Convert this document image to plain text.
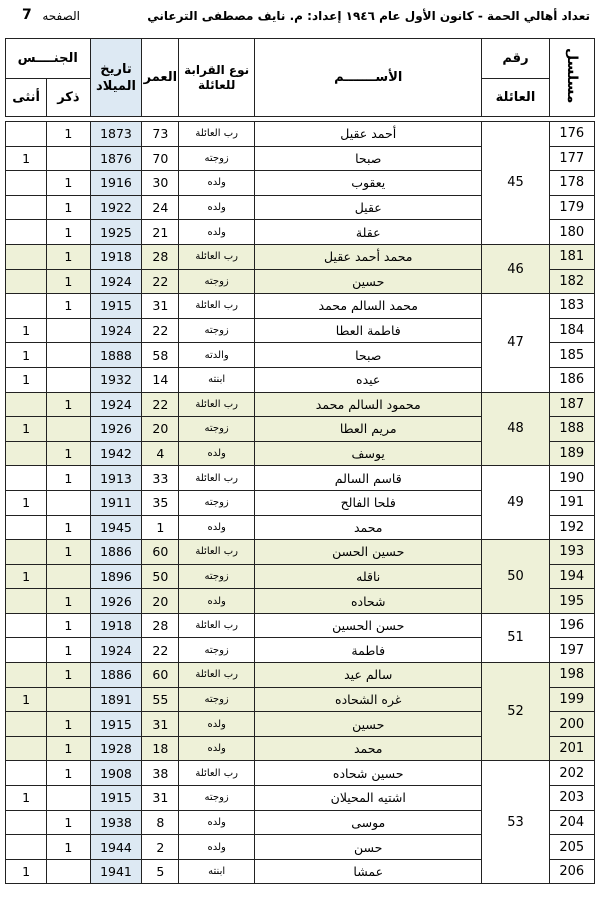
7 الصفحه	تعداد أهالي الحمة - كانون الأول عام ١٩٤٦ إعداد: م. نايف مصطفى الترعاني
مسلسل	رقم	الأســـــــم	نوع القرابة للعائلة	العمر	تاريخ الميلاد	الجنــــس	
	العائلة					ذكر	أنثى

176	45	أحمد عقيل	رب العائلة	73	1873	1	
177		صبحا	زوجته	70	1876		1
178		يعقوب	ولده	30	1916	1	
179		عقيل	ولده	24	1922	1	
180		عقلة	ولده	21	1925	1	
181	46	محمد أحمد عقيل	رب العائلة	28	1918	1	
182		حسين	زوجته	22	1924	1	
183	47	محمد السالم محمد	رب العائلة	31	1915	1	
184		فاطمة العطا	زوجته	22	1924		1
185		صبحا	والدته	58	1888		1
186		عيده	ابنته	14	1932		1
187	48	محمود السالم محمد	رب العائلة	22	1924	1	
188		مريم العطا	زوجته	20	1926		1
189		يوسف	ولده	4	1942	1	
190	49	قاسم السالم	رب العائلة	33	1913	1	
191		فلحا الفالح	زوجته	35	1911		1
192		محمد	ولده	1	1945	1	
193	50	حسين الحسن	رب العائلة	60	1886	1	
194		ناقله	زوجته	50	1896		1
195		شحاده	ولده	20	1926	1	
196	51	حسن الحسين	رب العائلة	28	1918	1	
197		فاطمة	زوجته	22	1924	1	
198	52	سالم عيد	رب العائلة	60	1886	1	
199		غره الشحاده	زوجته	55	1891		1
200		حسين	ولده	31	1915	1	
201		محمد	ولده	18	1928	1	
202	53	حسين شحاده	رب العائلة	38	1908	1	
203		اشتيه المحيلان	زوجته	31	1915		1
204		موسى	ولده	8	1938	1	
205		حسن	ولده	2	1944	1	
206		عمشا	ابنته	5	1941		1
